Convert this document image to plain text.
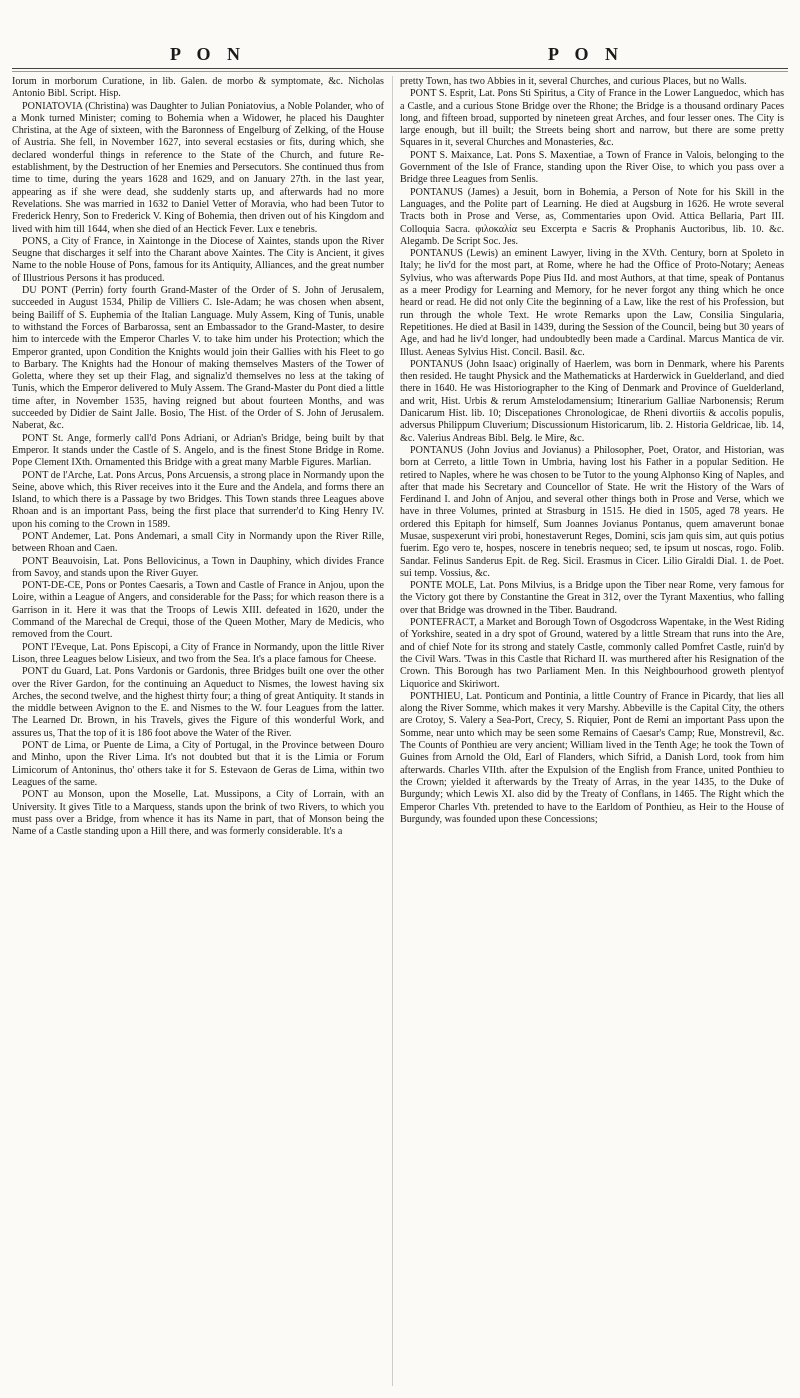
P O N	P O N

Iorum in morborum Curatione, in lib. Galen. de morbo & symptomate, &c. Nicholas Antonio Bibl. Script. Hisp.

PONIATOVIA (Christina) was Daughter to Julian Poniatovius, a Noble Polander, who of a Monk turned Minister; coming to Bohemia when a Widower, he placed his Daughter Christina, at the Age of sixteen, with the Baronness of Engelburg of Zelking, of the House of Austria. She fell, in November 1627, into several ecstasies or fits, during which, she declared wonderful things in reference to the State of the Church, and future Re-establishment, by the Destruction of her Enemies and Persecutors. She continued thus from time to time, during the years 1628 and 1629, and on January 27th. in the last year, appearing as if she were dead, she suddenly starts up, and afterwards had no more Revelations. She was married in 1632 to Daniel Vetter of Moravia, who had been Tutor to Frederick Henry, Son to Frederick V. King of Bohemia, then driven out of his Kingdom and lived with him till 1644, when she died of an Hectick Fever. Lux e tenebris.

PONS, a City of France, in Xaintonge in the Diocese of Xaintes, stands upon the River Seugne that discharges it self into the Charant above Xaintes. The City is Ancient, it gives Name to the noble House of Pons, famous for its Antiquity, Alliances, and the great number of Illustrious Persons it has produced.

DU PONT (Perrin) forty fourth Grand-Master of the Order of S. John of Jerusalem, succeeded in August 1534, Philip de Villiers C. Isle-Adam; he was chosen when absent, being Bailiff of S. Euphemia of the Italian Language. Muly Assem, King of Tunis, unable to withstand the Forces of Barbarossa, sent an Embassador to the Grand-Master, to desire him to intercede with the Emperor Charles V. to take him under his Protection; which the Emperor granted, upon Condition the Knights would join their Gallies with his Fleet to go to Barbary. The Knights had the Honour of making themselves Masters of the Tower of Goletta, where they set up their Flag, and signaliz'd themselves no less at the taking of Tunis, which the Emperor delivered to Muly Assem. The Grand-Master du Pont died a little time after, in November 1535, having reigned but about fourteen Months, and was succeeded by Didier de Saint Jalle. Bosio, The Hist. of the Order of S. John of Jerusalem. Naberat, &c.

PONT St. Ange, formerly call'd Pons Adriani, or Adrian's Bridge, being built by that Emperor. It stands under the Castle of S. Angelo, and is the finest Stone Bridge in Rome. Pope Clement IXth. Ornamented this Bridge with a great many Marble Figures. Marlian.

PONT de l'Arche, Lat. Pons Arcus, Pons Arcuensis, a strong place in Normandy upon the Seine, above which, this River receives into it the Eure and the Andela, and forms there an Island, to which there is a Passage by two Bridges. This Town stands three Leagues above Rhoan and is an important Pass, being the first place that surrender'd to King Henry IV. upon his coming to the Crown in 1589.

PONT Andemer, Lat. Pons Andemari, a small City in Normandy upon the River Rille, between Rhoan and Caen.

PONT Beauvoisin, Lat. Pons Bellovicinus, a Town in Dauphiny, which divides France from Savoy, and stands upon the River Guyer.

PONT-DE-CE, Pons or Pontes Caesaris, a Town and Castle of France in Anjou, upon the Loire, within a League of Angers, and considerable for the Pass; for which reason there is a Garrison in it. Here it was that the Troops of Lewis XIII. defeated in 1620, under the Command of the Marechal de Crequi, those of the Queen Mother, Mary de Medicis, who removed from the Court.

PONT l'Eveque, Lat. Pons Episcopi, a City of France in Normandy, upon the little River Lison, three Leagues below Lisieux, and two from the Sea. It's a place famous for Cheese.

PONT du Guard, Lat. Pons Vardonis or Gardonis, three Bridges built one over the other over the River Gardon, for the continuing an Aqueduct to Nismes, the lowest having six Arches, the second twelve, and the highest thirty four; a thing of great Antiquity. It stands in the middle between Avignon to the E. and Nismes to the W. four Leagues from the latter. The Learned Dr. Brown, in his Travels, gives the Figure of this wonderful Work, and assures us, That the top of it is 186 foot above the Water of the River.

PONT de Lima, or Puente de Lima, a City of Portugal, in the Province between Douro and Minho, upon the River Lima. It's not doubted but that it is the Limia or Forum Limicorum of Antoninus, tho' others take it for S. Estevaon de Geras de Lima, within two Leagues of the same.

PONT au Monson, upon the Moselle, Lat. Mussipons, a City of Lorrain, with an University. It gives Title to a Marquess, stands upon the brink of two Rivers, to which you must pass over a Bridge, from whence it has its Name in part, that of Monson being the Name of a Castle standing upon a Hill there, and was formerly considerable. It's a

pretty Town, has two Abbies in it, several Churches, and curious Places, but no Walls.

PONT S. Esprit, Lat. Pons Sti Spiritus, a City of France in the Lower Languedoc, which has a Castle, and a curious Stone Bridge over the Rhone; the Bridge is a thousand ordinary Paces long, and fifteen broad, supported by nineteen great Arches, and four lesser ones. The City is large enough, but ill built; the Streets being short and narrow, but there are some pretty Squares in it, several Churches and Monasteries, &c.

PONT S. Maixance, Lat. Pons S. Maxentiae, a Town of France in Valois, belonging to the Government of the Isle of France, standing upon the River Oise, to which you pass over a Bridge three Leagues from Senlis.

PONTANUS (James) a Jesuit, born in Bohemia, a Person of Note for his Skill in the Languages, and the Polite part of Learning. He died at Augsburg in 1626. He wrote several Tracts both in Prose and Verse, as, Commentaries upon Ovid. Attica Bellaria, Part III. Colloquia Sacra. φιλοκαλία seu Excerpta e Sacris & Prophanis Auctoribus, lib. 10. &c. Alegamb. De Script Soc. Jes.

PONTANUS (Lewis) an eminent Lawyer, living in the XVth. Century, born at Spoleto in Italy; he liv'd for the most part, at Rome, where he had the Office of Proto-Notary; Aeneas Sylvius, who was afterwards Pope Pius IId. and most Authors, at that time, speak of Pontanus as a meer Prodigy for Learning and Memory, for he never forgot any thing which he once heard or read. He did not only Cite the beginning of a Law, like the rest of his Profession, but run through the whole Text. He wrote Remarks upon the Law, Consilia Singularia, Repetitiones. He died at Basil in 1439, during the Session of the Council, being but 30 years of Age, and had he liv'd longer, had undoubtedly been made a Cardinal. Marcus Mantica de vir. Illust. Aeneas Sylvius Hist. Concil. Basil. &c.

PONTANUS (John Isaac) originally of Haerlem, was born in Denmark, where his Parents then resided. He taught Physick and the Mathematicks at Harderwick in Guelderland, and died there in 1640. He was Historiographer to the King of Denmark and Province of Guelderland, and writ, Hist. Urbis & rerum Amstelodamensium; Itinerarium Galliae Narbonensis; Rerum Danicarum Hist. lib. 10; Discepationes Chronologicae, de Rheni divortiis & accolis populis, adversus Philippum Cluverium; Discussionum Historicarum, lib. 2. Historia Geldricae, lib. 14, &c. Valerius Andreas Bibl. Belg. le Mire, &c.

PONTANUS (John Jovius and Jovianus) a Philosopher, Poet, Orator, and Historian, was born at Cerreto, a little Town in Umbria, having lost his Father in a popular Sedition. He retired to Naples, where he was chosen to be Tutor to the young Alphonso King of Naples, and after that made his Secretary and Councellor of State. He writ the History of the Wars of Ferdinand I. and John of Anjou, and several other things both in Prose and Verse, which we have in three Volumes, printed at Strasburg in 1515. He died in 1505, aged 78 years. He ordered this Epitaph for himself, Sum Joannes Jovianus Pontanus, quem amaverunt bonae Musae, suspexerunt viri probi, honestaverunt Reges, Domini, scis jam quis sim, aut quis potius fuerim. Ego vero te, hospes, noscere in tenebris nequeo; sed, te ipsum ut noscas, rogo. Folib. Sandar. Felinus Sanderus Epit. de Reg. Sicil. Erasmus in Cicer. Lilio Giraldi Dial. 1. de Poet. sui temp. Vossius, &c.

PONTE MOLE, Lat. Pons Milvius, is a Bridge upon the Tiber near Rome, very famous for the Victory got there by Constantine the Great in 312, over the Tyrant Maxentius, who falling over that Bridge was drowned in the Tiber. Baudrand.

PONTEFRACT, a Market and Borough Town of Osgodcross Wapentake, in the West Riding of Yorkshire, seated in a dry spot of Ground, watered by a little Stream that runs into the Are, and of chief Note for its strong and stately Castle, commonly called Pomfret Castle, ruin'd by the Civil Wars. 'Twas in this Castle that Richard II. was murthered after his Resignation of the Crown. This Borough has two Parliament Men. In this Neighbourhood groweth plentyof Liquorice and Skiriwort.

PONTHIEU, Lat. Ponticum and Pontinia, a little Country of France in Picardy, that lies all along the River Somme, which makes it very Marshy. Abbeville is the Capital City, the others are Crotoy, S. Valery a Sea-Port, Crecy, S. Riquier, Pont de Remi an important Pass upon the Somme, near unto which may be seen some Remains of Caesar's Camp; Rue, Monstrevil, &c. The Counts of Ponthieu are very ancient; William lived in the Tenth Age; he took the Town of Guines from Arnold the Old, Earl of Flanders, which Sifrid, a Danish Lord, took from him afterwards. Charles VIIth. after the Expulsion of the English from France, united Ponthieu to the Crown; yielded it afterwards by the Treaty of Arras, in the year 1435, to the Duke of Burgundy; which Lewis XI. also did by the Treaty of Conflans, in 1465. The Right which the Emperor Charles Vth. pretended to have to the Earldom of Ponthieu, as Heir to the House of Burgundy, was founded upon these Concessions;
